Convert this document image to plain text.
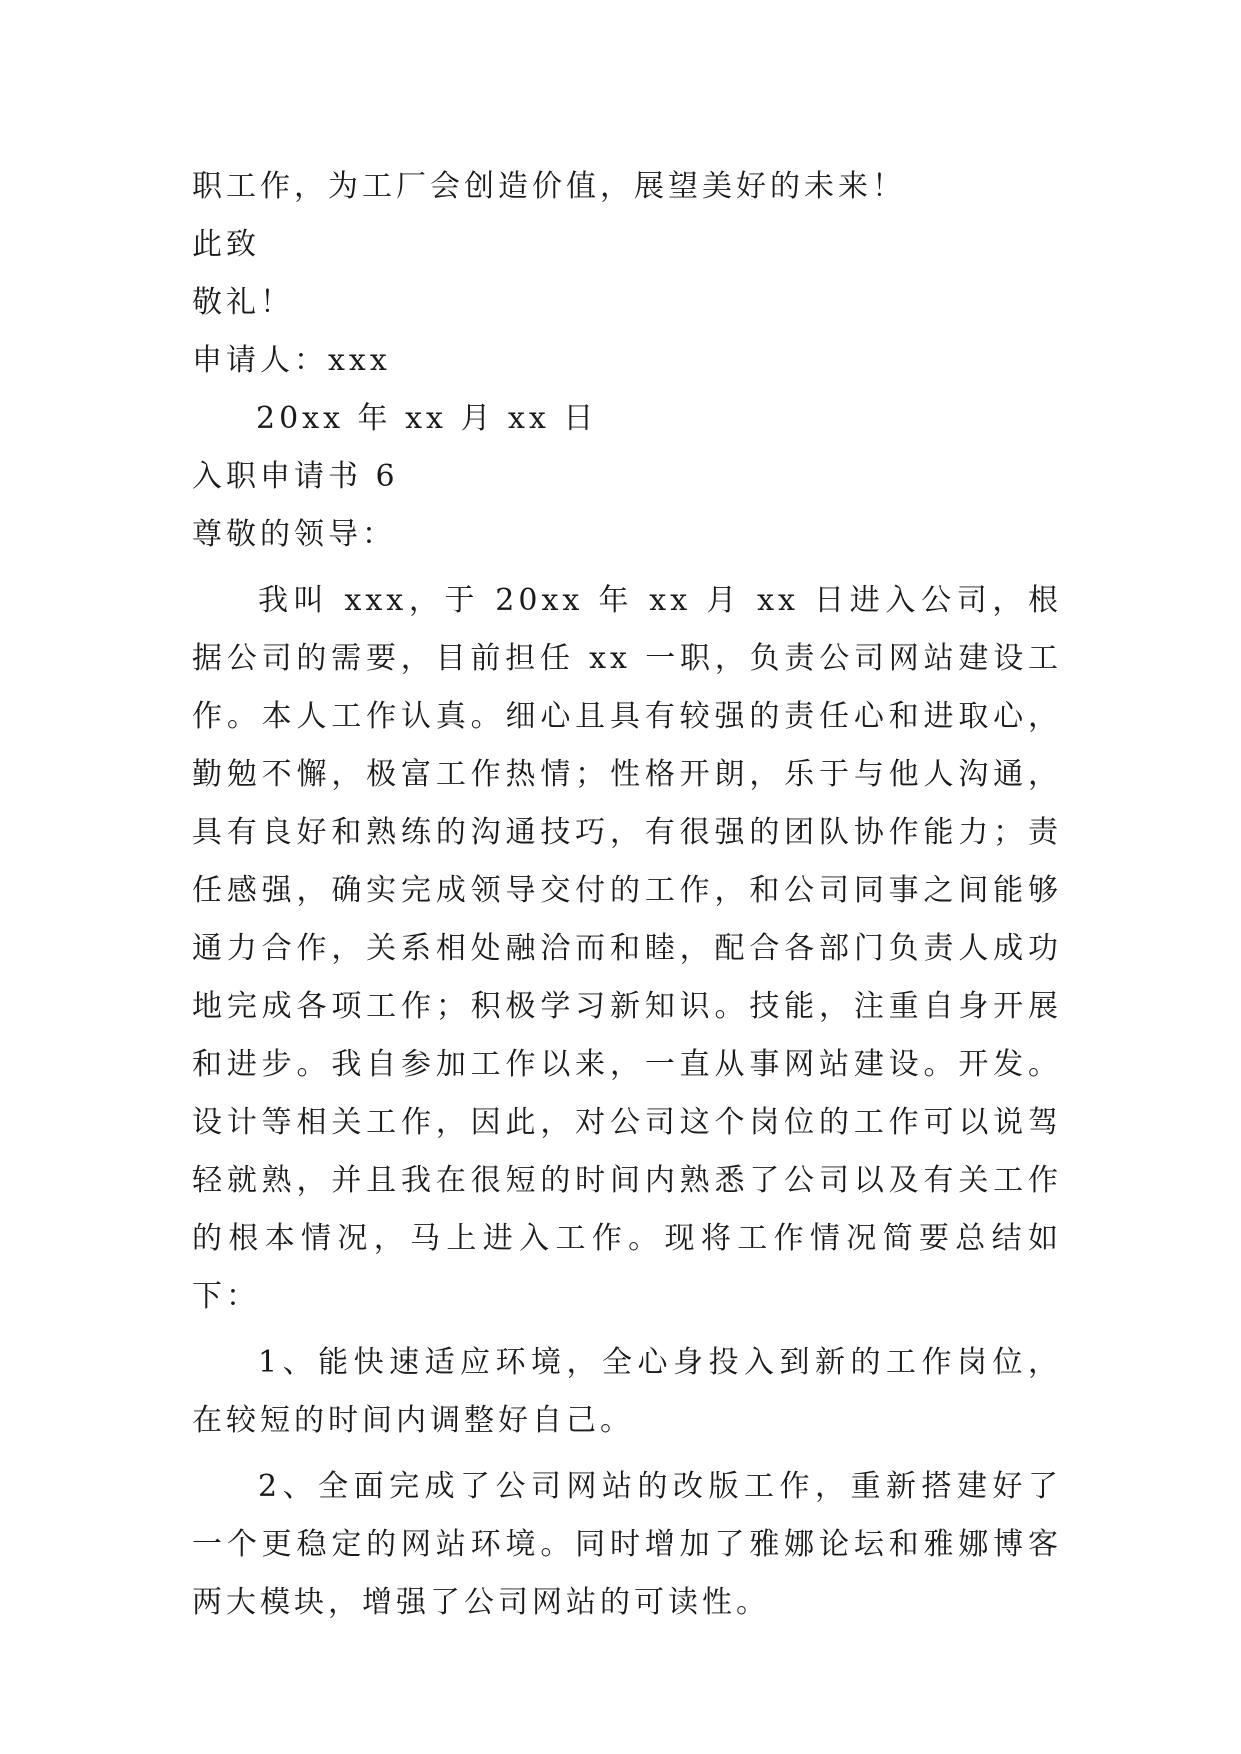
职工作，为工厂会创造价值，展望美好的未来！

此致

敬礼！

申请人：xxx

20xx 年 xx 月 xx 日

入职申请书 6

尊敬的领导：

我叫 xxx，于 20xx 年 xx 月 xx 日进入公司，根据公司的需要，目前担任 xx 一职，负责公司网站建设工作。本人工作认真。细心且具有较强的责任心和进取心，勤勉不懈，极富工作热情；性格开朗，乐于与他人沟通，具有良好和熟练的沟通技巧，有很强的团队协作能力；责任感强，确实完成领导交付的工作，和公司同事之间能够通力合作，关系相处融洽而和睦，配合各部门负责人成功地完成各项工作；积极学习新知识。技能，注重自身开展和进步。我自参加工作以来，一直从事网站建设。开发。设计等相关工作，因此，对公司这个岗位的工作可以说驾轻就熟，并且我在很短的时间内熟悉了公司以及有关工作的根本情况，马上进入工作。现将工作情况简要总结如下：

1、能快速适应环境，全心身投入到新的工作岗位，在较短的时间内调整好自己。

2、全面完成了公司网站的改版工作，重新搭建好了一个更稳定的网站环境。同时增加了雅娜论坛和雅娜博客两大模块，增强了公司网站的可读性。
